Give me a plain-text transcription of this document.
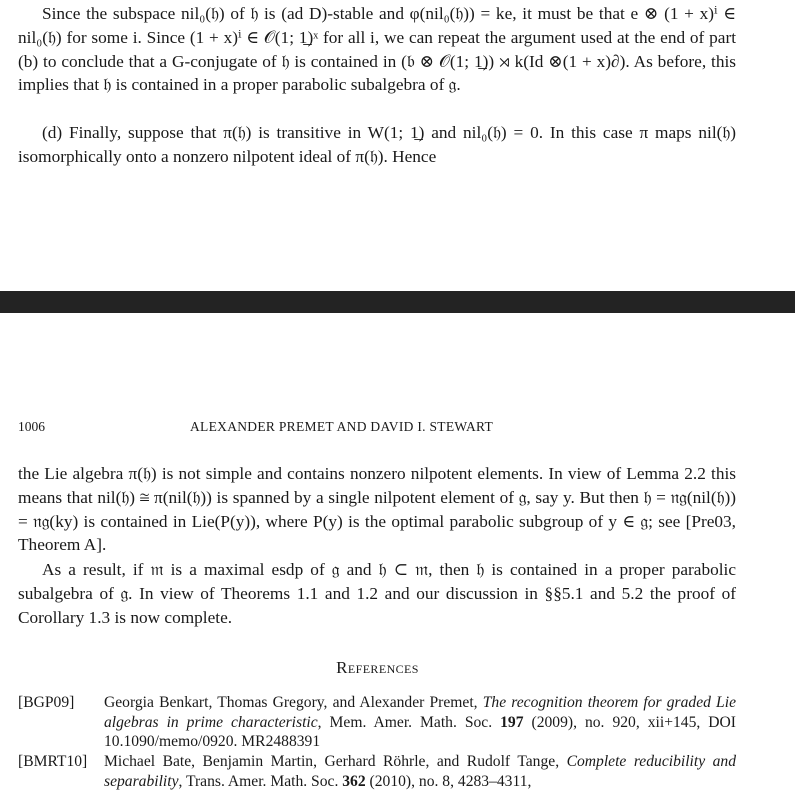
Since the subspace nil₀(𝔥) of 𝔥 is (ad D)-stable and φ(nil₀(𝔥)) = ke, it must be that e ⊗ (1 + x)ⁱ ∈ nil₀(𝔥) for some i. Since (1 + x)ⁱ ∈ 𝒪(1; 1̲)ˣ for all i, we can repeat the argument used at the end of part (b) to conclude that a G-conjugate of 𝔥 is contained in (𝔟 ⊗ 𝒪(1; 1̲)) ⋊ k(Id ⊗(1 + x)∂). As before, this implies that 𝔥 is contained in a proper parabolic subalgebra of 𝔤.

(d) Finally, suppose that π(𝔥) is transitive in W(1; 1̲) and nil₀(𝔥) = 0. In this case π maps nil(𝔥) isomorphically onto a nonzero nilpotent ideal of π(𝔥). Hence

1006	ALEXANDER PREMET AND DAVID I. STEWART

the Lie algebra π(𝔥) is not simple and contains nonzero nilpotent elements. In view of Lemma 2.2 this means that nil(𝔥) ≅ π(nil(𝔥)) is spanned by a single nilpotent element of 𝔤, say y. But then 𝔥 = 𝔫𝔤(nil(𝔥)) = 𝔫𝔤(ky) is contained in Lie(P(y)), where P(y) is the optimal parabolic subgroup of y ∈ 𝔤; see [Pre03, Theorem A].

As a result, if 𝔪 is a maximal esdp of 𝔤 and 𝔥 ⊂ 𝔪, then 𝔥 is contained in a proper parabolic subalgebra of 𝔤. In view of Theorems 1.1 and 1.2 and our discussion in §§5.1 and 5.2 the proof of Corollary 1.3 is now complete.

References
[BGP09] Georgia Benkart, Thomas Gregory, and Alexander Premet, The recognition theorem for graded Lie algebras in prime characteristic, Mem. Amer. Math. Soc. 197 (2009), no. 920, xii+145, DOI 10.1090/memo/0920. MR2488391
[BMRT10] Michael Bate, Benjamin Martin, Gerhard Röhrle, and Rudolf Tange, Complete reducibility and separability, Trans. Amer. Math. Soc. 362 (2010), no. 8, 4283–4311,
